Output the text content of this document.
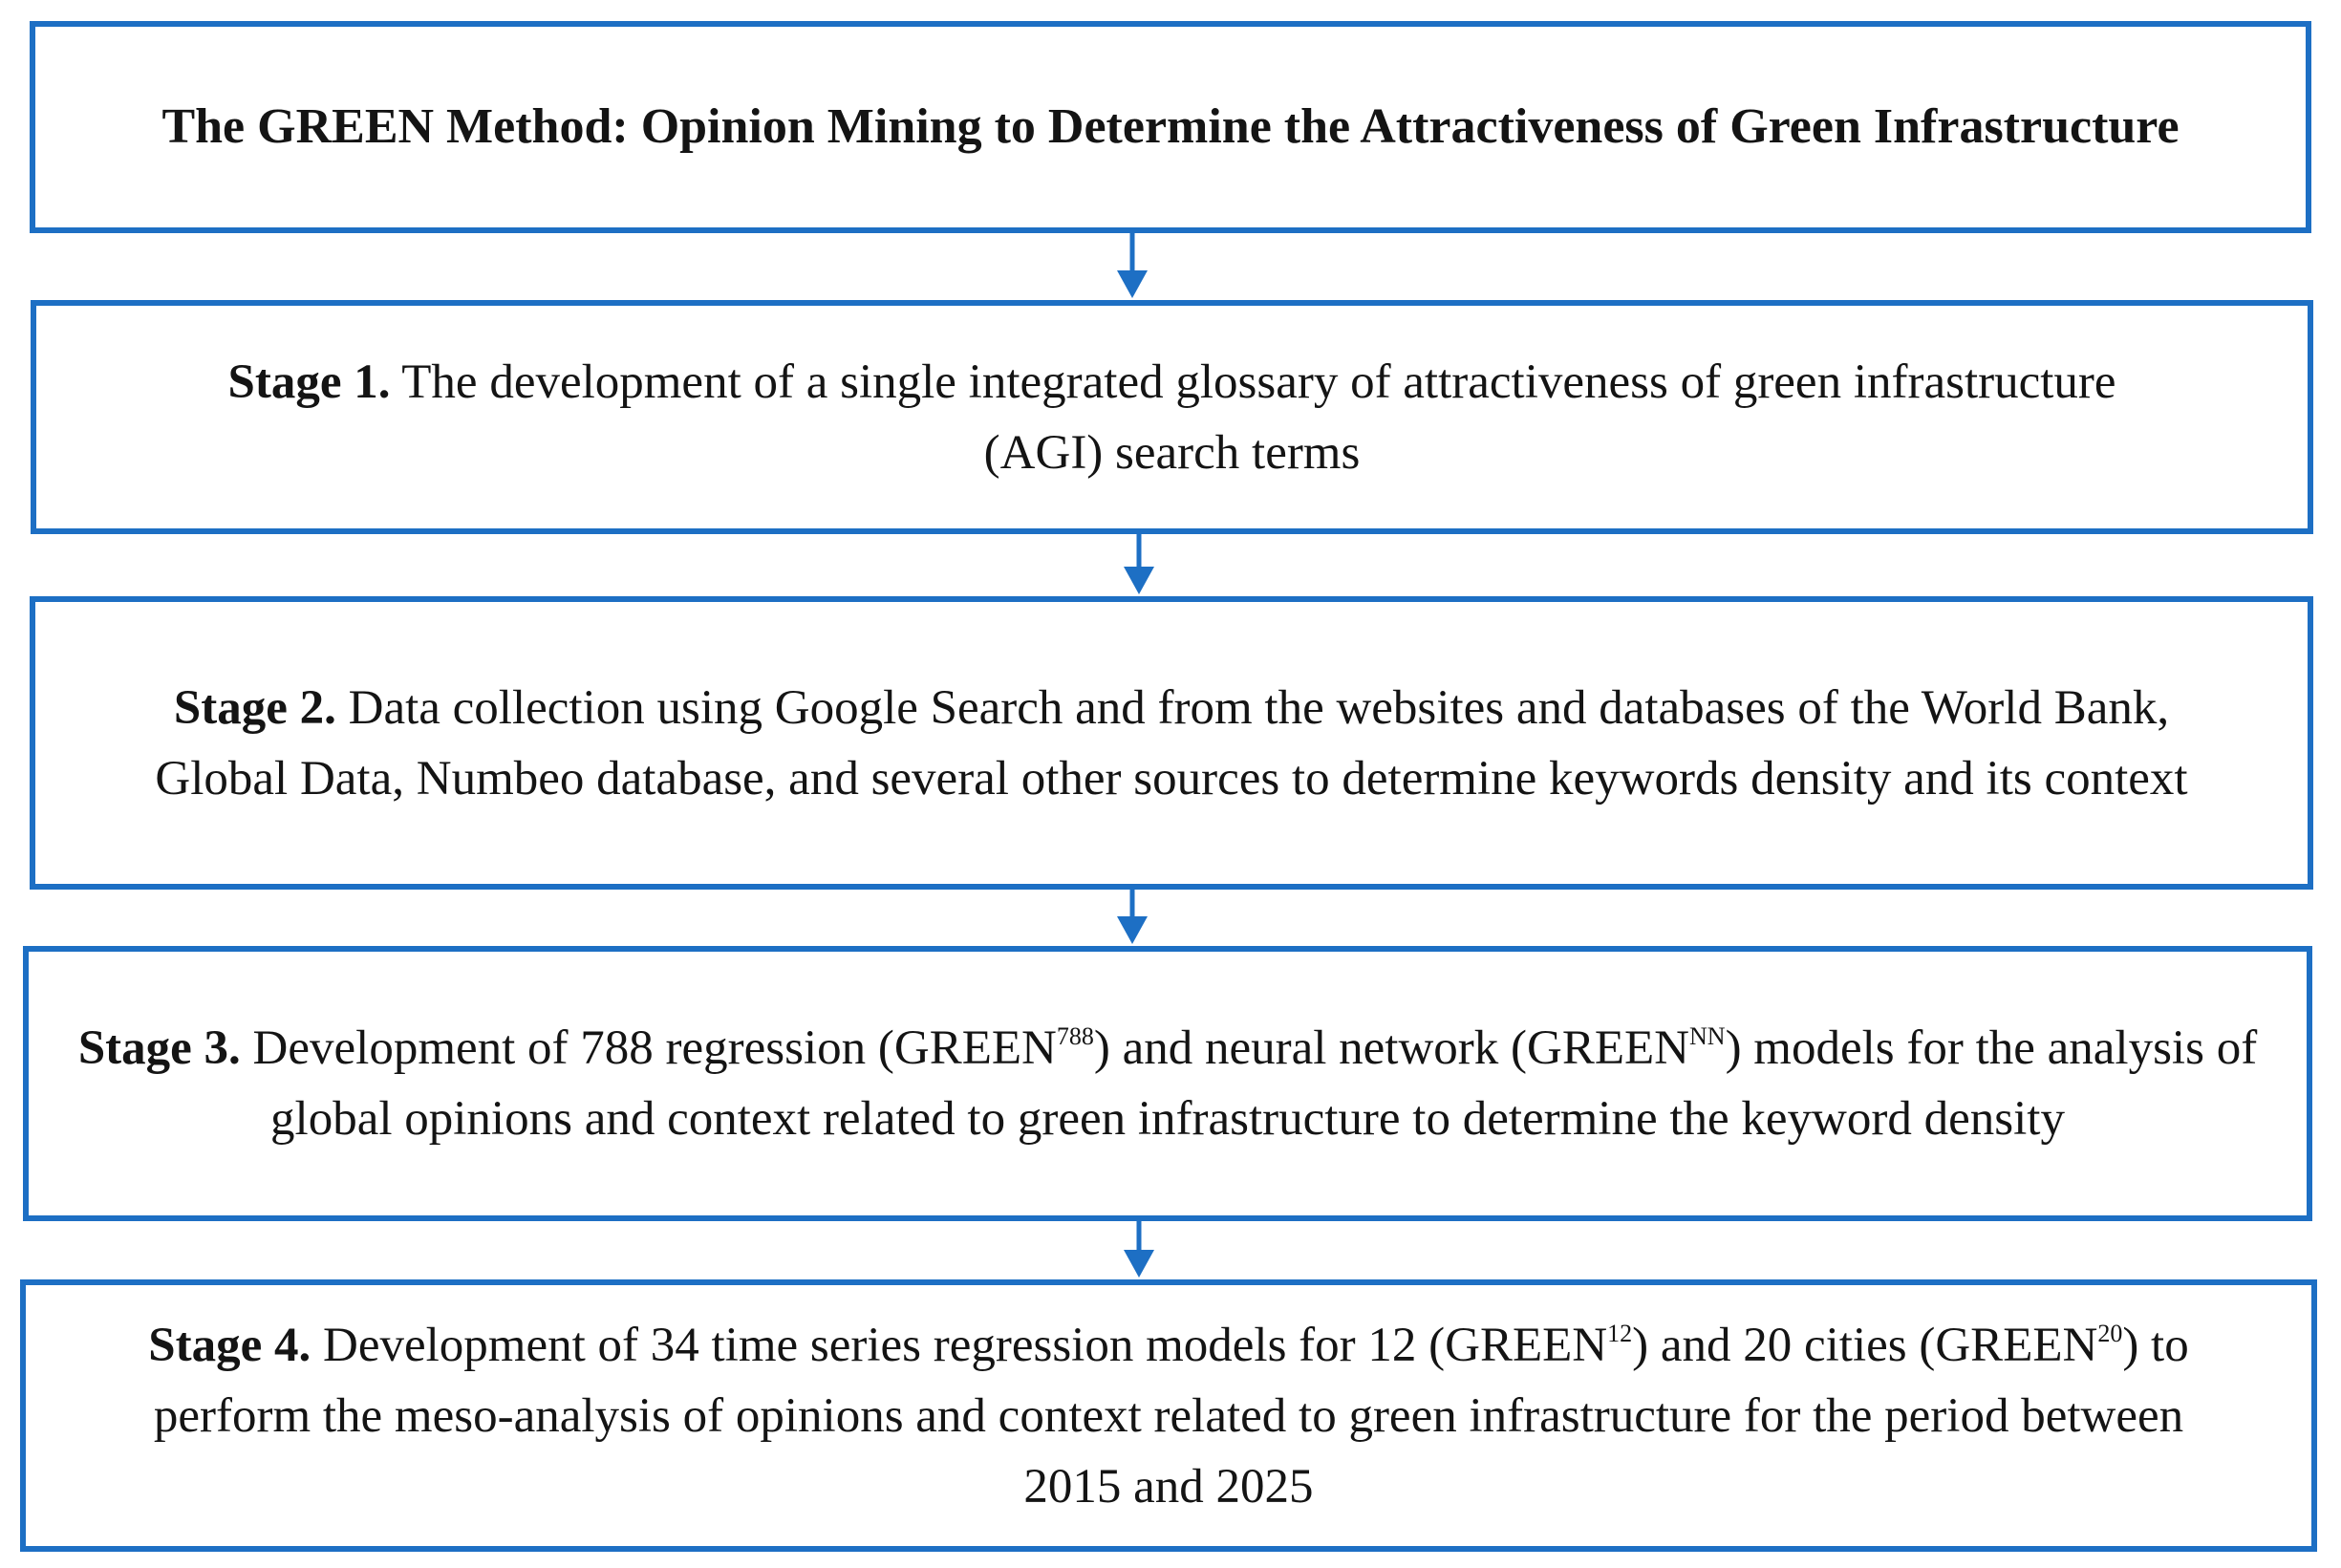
The GREEN Method: Opinion Mining to Determine the Attractiveness of Green Infrastructure
Stage 1. The development of a single integrated glossary of attractiveness of green infrastructure (AGI) search terms
Stage 2. Data collection using Google Search and from the websites and databases of the World Bank, Global Data, Numbeo database, and several other sources to determine keywords density and its context
Stage 3. Development of 788 regression (GREEN$^{788}$) and neural network $(GREEN^{NN})$ models for the analysis of global opinions and context related to green infrastructure to determine the keyword density
Stage 4. Development of 34 time series regression models for 12 (GREEN$^{12}$) and 20 cities (GREEN$^{20}$) to perform the meso-analysis of opinions and context related to green infrastructure for the period between 2015 and 2025
